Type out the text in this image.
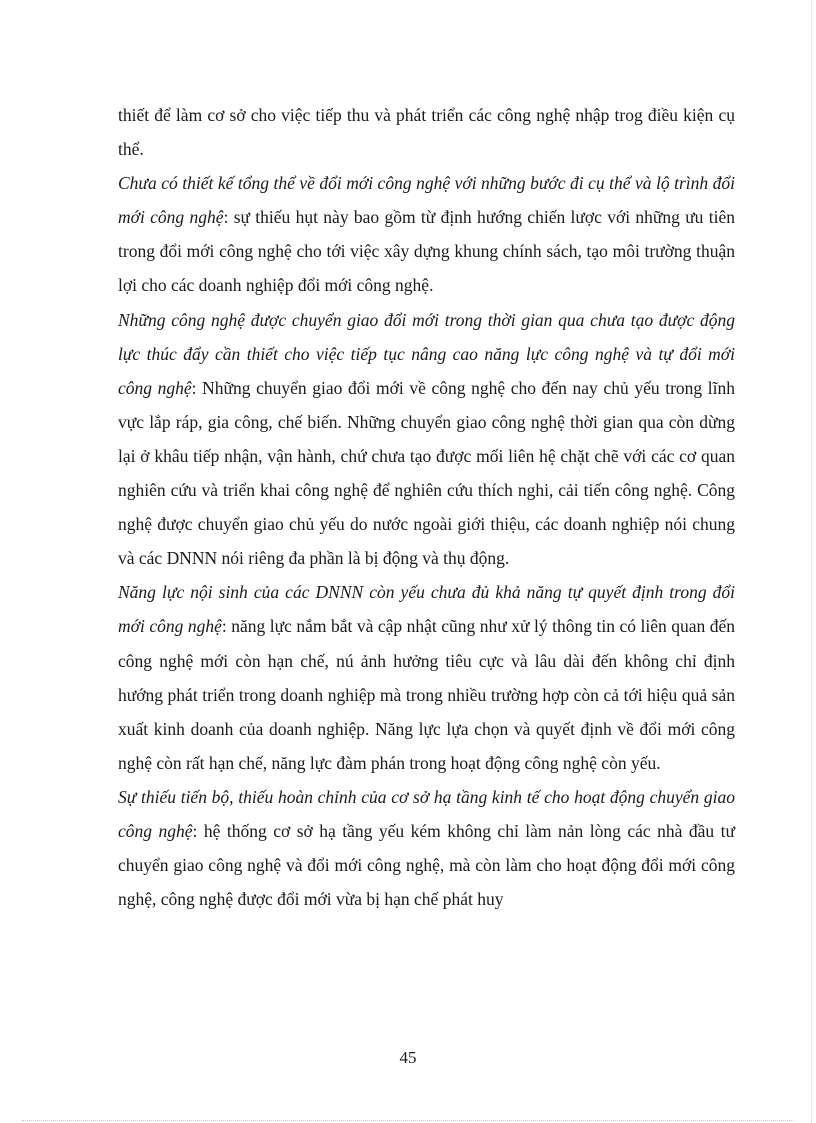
thiết để làm cơ sở cho việc tiếp thu và phát triển các công nghệ nhập trog điều kiện cụ thể.

Chưa có thiết kế tổng thể về đổi mới công nghệ với những bước đi cụ thể và lộ trình đổi mới công nghệ: sự thiếu hụt này bao gồm từ định hướng chiến lược với những ưu tiên trong đổi mới công nghệ cho tới việc xây dựng khung chính sách, tạo môi trường thuận lợi cho các doanh nghiệp đổi mới công nghệ.

Những công nghệ được chuyển giao đổi mới trong thời gian qua chưa tạo được động lực thúc đẩy cần thiết cho việc tiếp tục nâng cao năng lực công nghệ và tự đổi mới công nghệ: Những chuyển giao đổi mới về công nghệ cho đến nay chủ yếu trong lĩnh vực lắp ráp, gia công, chế biến. Những chuyển giao công nghệ thời gian qua còn dừng lại ở khâu tiếp nhận, vận hành, chứ chưa tạo được mối liên hệ chặt chẽ với các cơ quan nghiên cứu và triển khai công nghệ để nghiên cứu thích nghi, cải tiến công nghệ. Công nghệ được chuyển giao chủ yếu do nước ngoài giới thiệu, các doanh nghiệp nói chung và các DNNN nói riêng đa phần là bị động và thụ động.

Năng lực nội sinh của các DNNN còn yếu chưa đủ khả năng tự quyết định trong đổi mới công nghệ: năng lực nắm bắt và cập nhật cũng như xử lý thông tin có liên quan đến công nghệ mới còn hạn chế, nú ảnh hưởng tiêu cực và lâu dài đến không chỉ định hướng phát triển trong doanh nghiệp mà trong nhiều trường hợp còn cả tới hiệu quả sản xuất kinh doanh của doanh nghiệp. Năng lực lựa chọn và quyết định về đổi mới công nghệ còn rất hạn chế, năng lực đàm phán trong hoạt động công nghệ còn yếu.

Sự thiếu tiến bộ, thiếu hoàn chỉnh của cơ sở hạ tầng kinh tế cho hoạt động chuyển giao công nghệ: hệ thống cơ sở hạ tầng yếu kém không chỉ làm nản lòng các nhà đầu tư chuyển giao công nghệ và đổi mới công nghệ, mà còn làm cho hoạt động đổi mới công nghệ, công nghệ được đổi mới vừa bị hạn chế phát huy

45
